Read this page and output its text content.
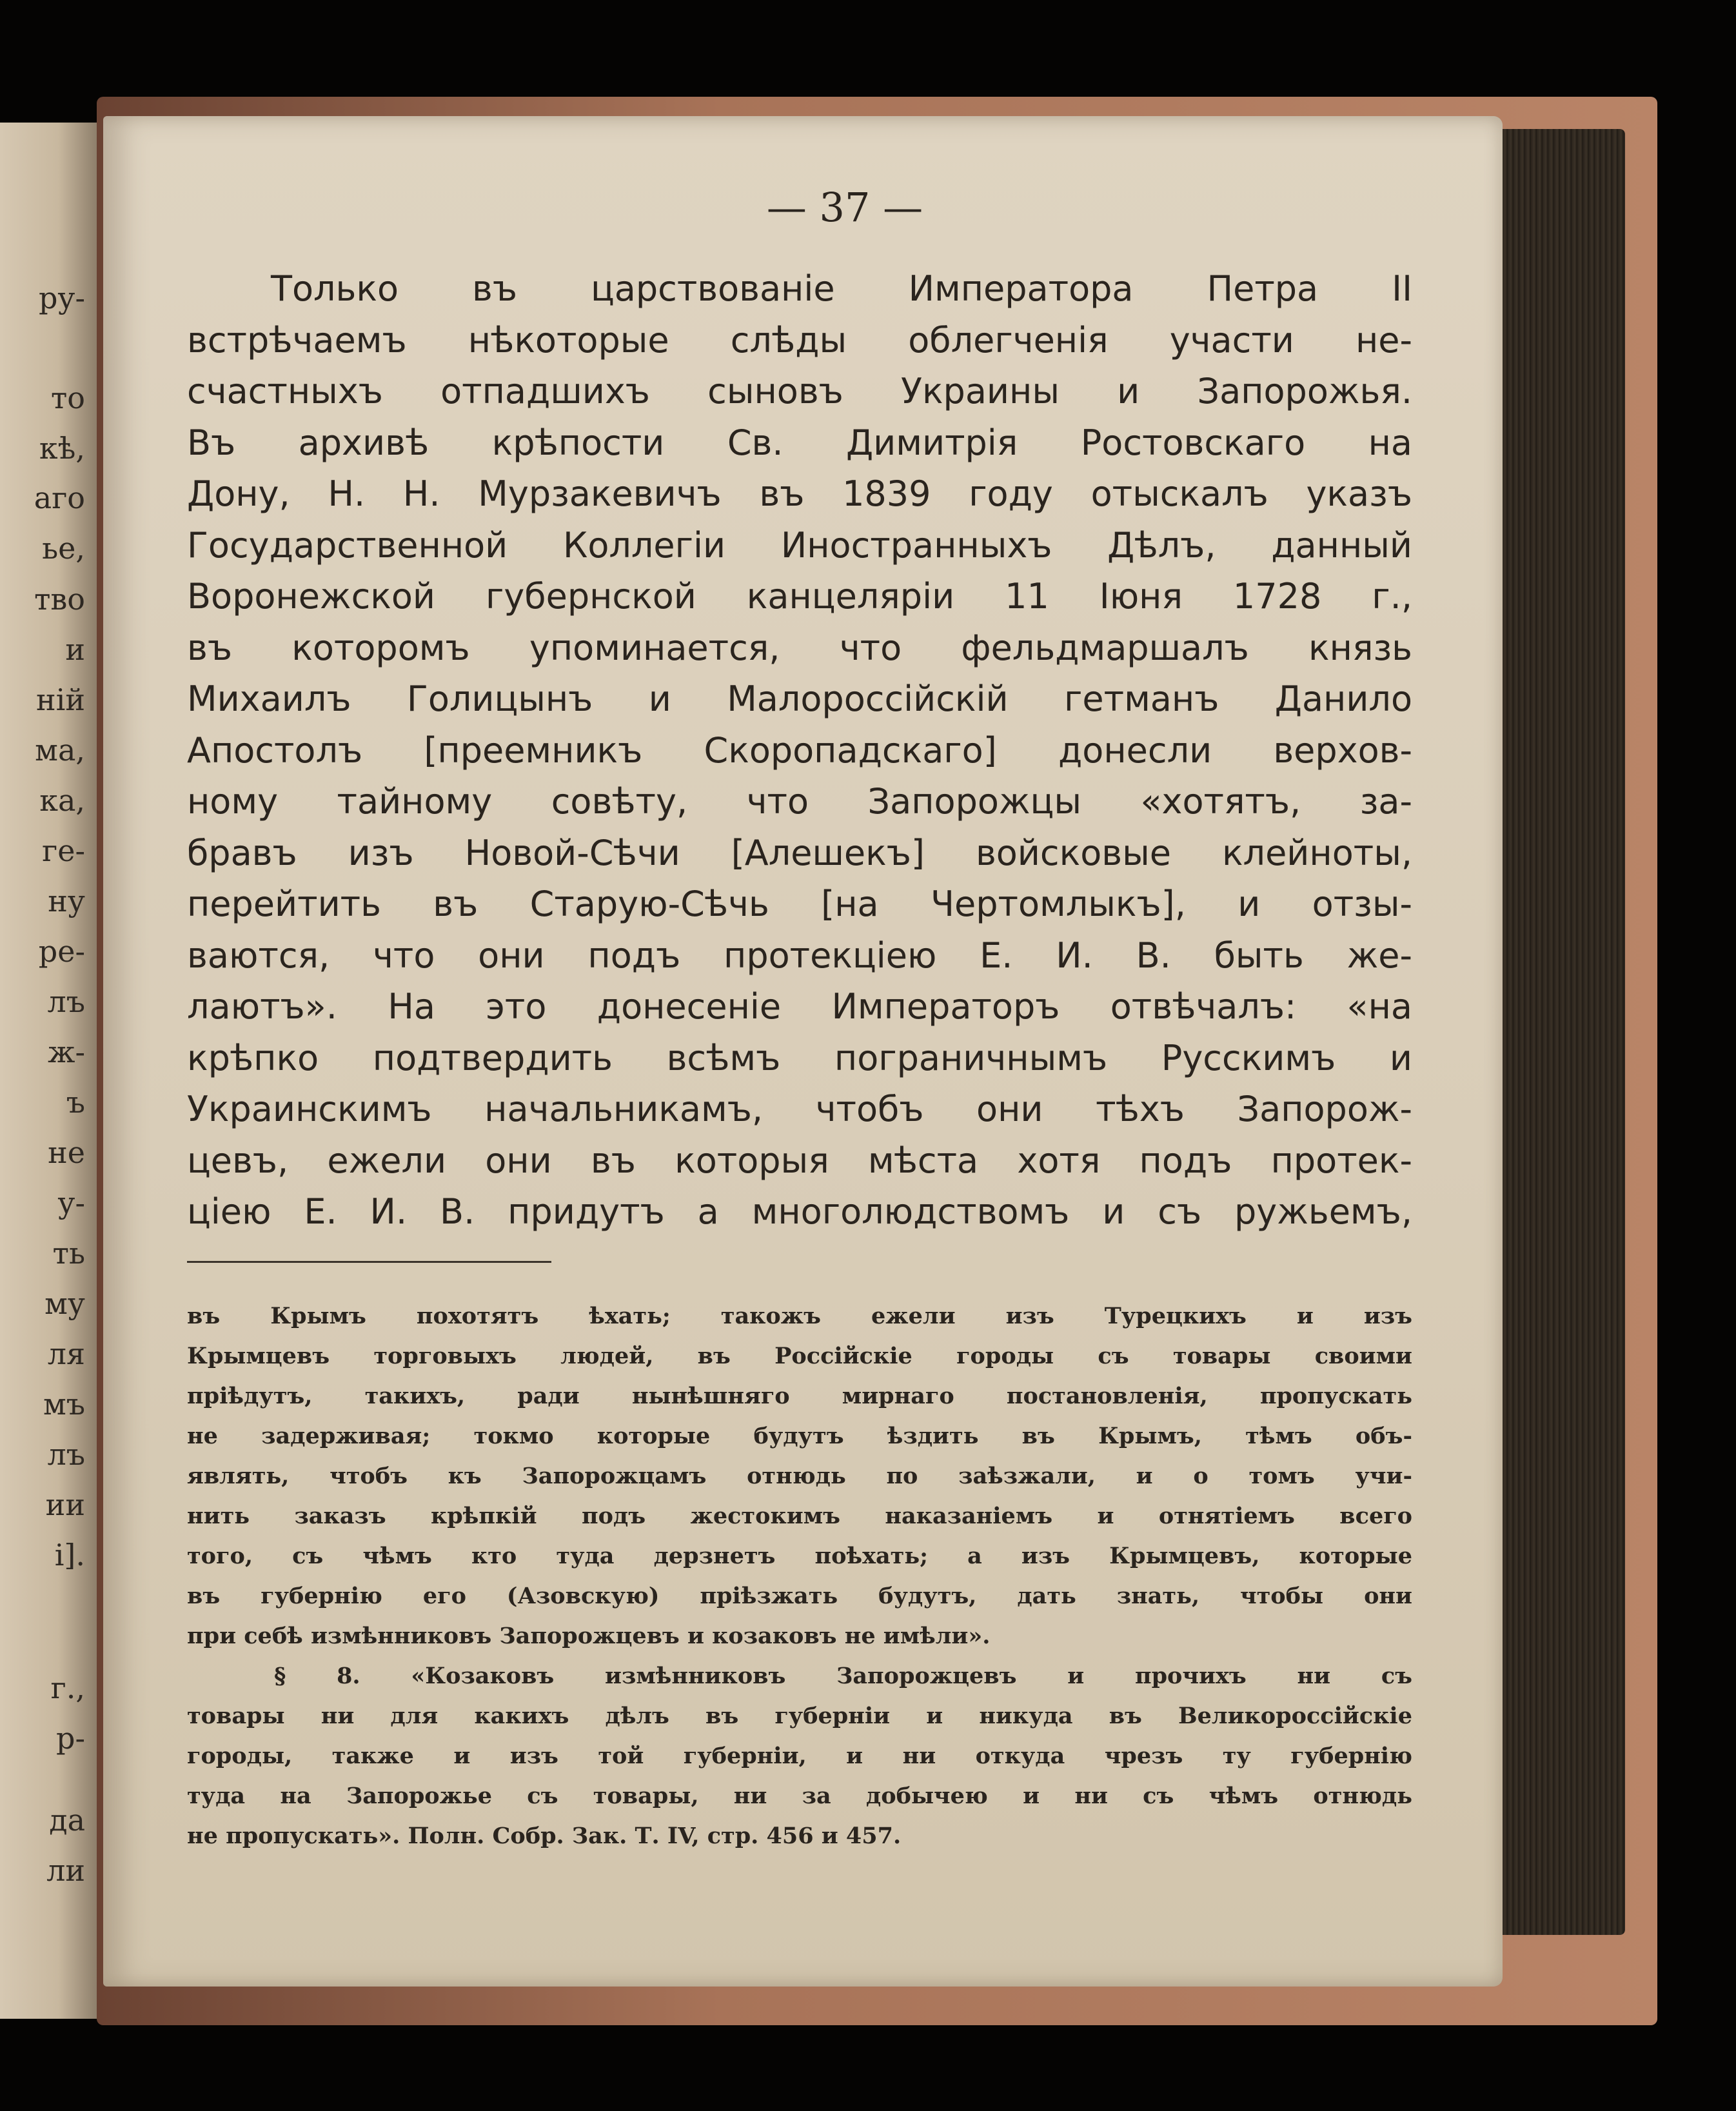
ру-
то
кѣ,
аго
ье,
тво
и
ній
ма,
ка,
ге-
ну
ре-
лъ
ж-
ъ
не
у-
ть
му
ля
мъ
лъ
ии
і].
г.,
р-
да
ли
— 37 —
Только въ царствованіе Императора Петра II
встрѣчаемъ нѣкоторые слѣды облегченія участи не-
счастныхъ отпадшихъ сыновъ Украины и Запорожья.
Въ архивѣ крѣпости Св. Димитрія Ростовскаго на
Дону, Н. Н. Мурзакевичъ въ 1839 году отыскалъ указъ
Государственной Коллегіи Иностранныхъ Дѣлъ, данный
Воронежской губернской канцеляріи 11 Іюня 1728 г.,
въ которомъ упоминается, что фельдмаршалъ князь
Михаилъ Голицынъ и Малороссійскій гетманъ Данило
Апостолъ [преемникъ Скоропадскаго] донесли верхов-
ному тайному совѣту, что Запорожцы «хотятъ, за-
бравъ изъ Новой-Сѣчи [Алешекъ] войсковые клейноты,
перейтить въ Старую-Сѣчь [на Чертомлыкъ], и отзы-
ваются, что они подъ протекціею Е. И. В. быть же-
лаютъ». На это донесеніе Императоръ отвѣчалъ: «на
крѣпко подтвердить всѣмъ пограничнымъ Русскимъ и
Украинскимъ начальникамъ, чтобъ они тѣхъ Запорож-
цевъ, ежели они въ которыя мѣста хотя подъ протек-
ціею Е. И. В. придутъ а многолюдствомъ и съ ружьемъ,
въ Крымъ похотятъ ѣхать; такожъ ежели изъ Турецкихъ и изъ
Крымцевъ торговыхъ людей, въ Россійскіе городы съ товары своими
пріѣдутъ, такихъ, ради нынѣшняго мирнаго постановленія, пропускать
не задерживая; токмо которые будутъ ѣздить въ Крымъ, тѣмъ объ-
являть, чтобъ къ Запорожцамъ отнюдь по заѣзжали, и о томъ учи-
нить заказъ крѣпкій подъ жестокимъ наказаніемъ и отнятіемъ всего
того, съ чѣмъ кто туда дерзнетъ поѣхать; а изъ Крымцевъ, которые
въ губернію его (Азовскую) пріѣзжать будутъ, дать знать, чтобы они
при себѣ измѣнниковъ Запорожцевъ и козаковъ не имѣли».
§ 8. «Козаковъ измѣнниковъ Запорожцевъ и прочихъ ни съ
товары ни для какихъ дѣлъ въ губерніи и никуда въ Великороссійскіе
городы, также и изъ той губерніи, и ни откуда чрезъ ту губернію
туда на Запорожье съ товары, ни за добычею и ни съ чѣмъ отнюдь
не пропускать». Полн. Собр. Зак. Т. IV, стр. 456 и 457.
